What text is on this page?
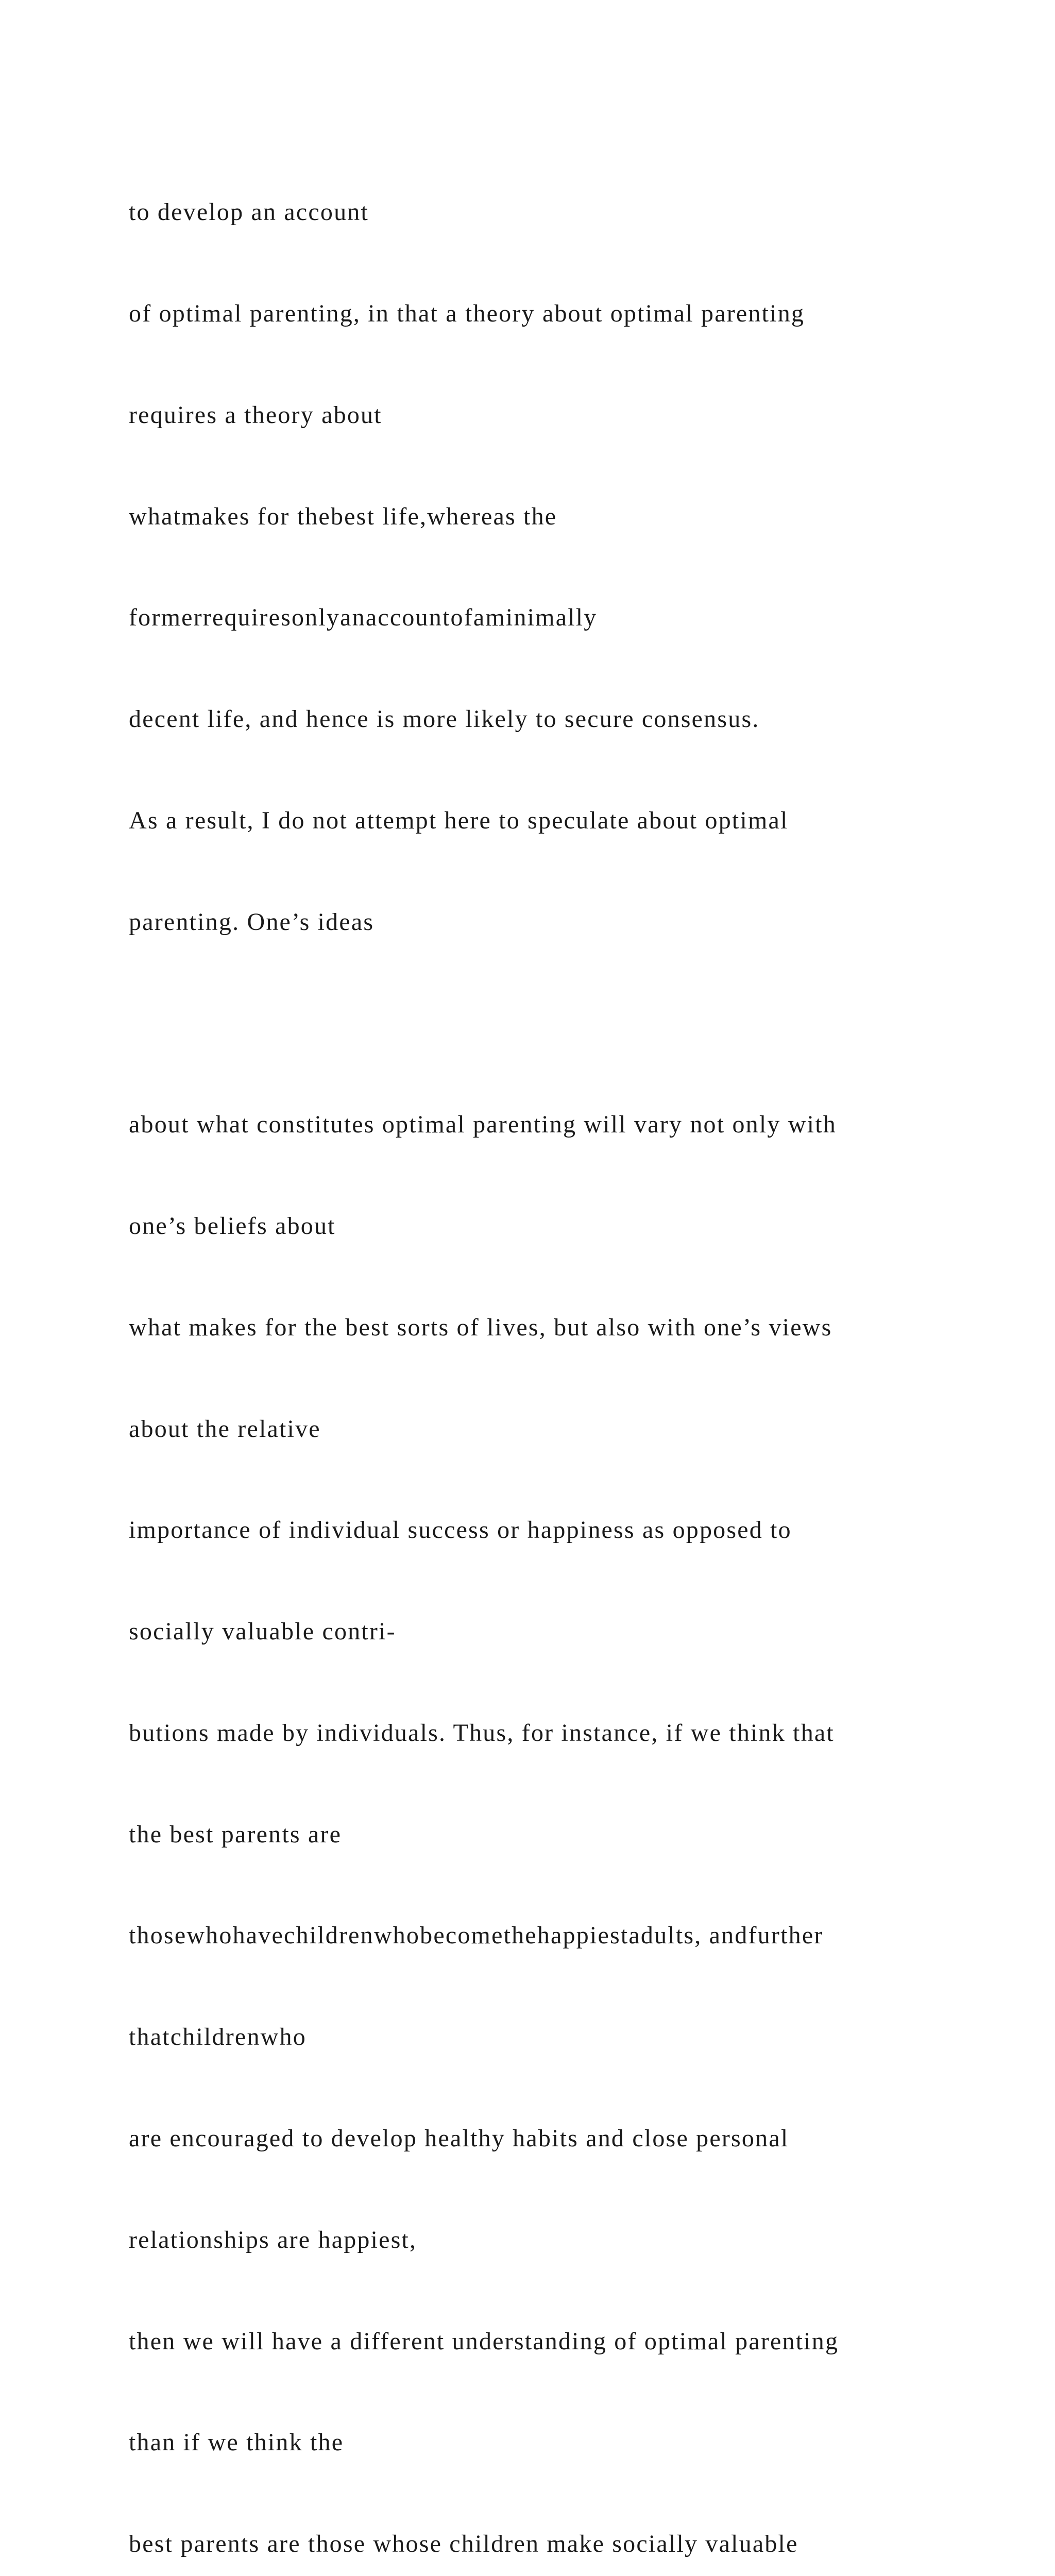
to develop an account

of optimal parenting, in that a theory about optimal parenting

requires a theory about

whatmakes for thebest life,whereas the

formerrequiresonlyanaccountofaminimally

decent life, and hence is more likely to secure consensus.

As a result, I do not attempt here to speculate about optimal

parenting. One’s ideas

about what constitutes optimal parenting will vary not only with

one’s beliefs about

what makes for the best sorts of lives, but also with one’s views

about the relative

importance of individual success or happiness as opposed to

socially valuable contri-

butions made by individuals. Thus, for instance, if we think that

the best parents are

thosewhohavechildrenwhobecomethehappiestadults, andfurther

thatchildrenwho

are encouraged to develop healthy habits and close personal

relationships are happiest,

then we will have a different understanding of optimal parenting

than if we think the

best parents are those whose children make socially valuable
